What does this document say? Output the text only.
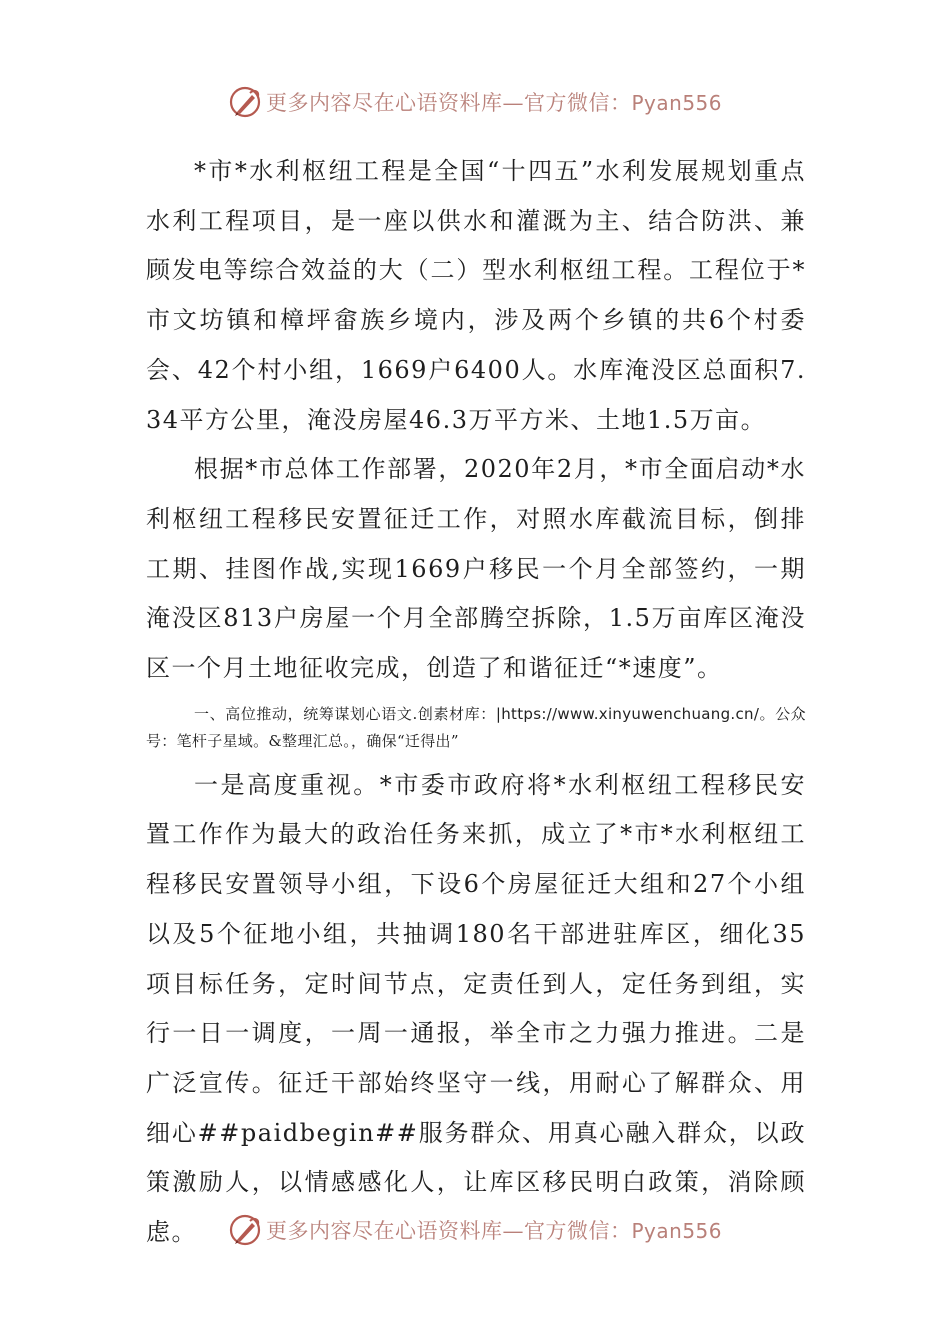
更多内容尽在心语资料库—官方微信：Pyan556

*市*水利枢纽工程是全国“十四五”水利发展规划重点水利工程项目，是一座以供水和灌溉为主、结合防洪、兼顾发电等综合效益的大（二）型水利枢纽工程。工程位于*市文坊镇和樟坪畲族乡境内，涉及两个乡镇的共6个村委会、42个村小组，1669户6400人。水库淹没区总面积7.34平方公里，淹没房屋46.3万平方米、土地1.5万亩。

根据*市总体工作部署，2020年2月，*市全面启动*水利枢纽工程移民安置征迁工作，对照水库截流目标，倒排工期、挂图作战,实现1669户移民一个月全部签约，一期淹没区813户房屋一个月全部腾空拆除，1.5万亩库区淹没区一个月土地征收完成，创造了和谐征迁“*速度”。

一、高位推动，统筹谋划心语文.创素材库：|https://www.xinyuwenchuang.cn/。公众号：笔杆子星域。&整理汇总。，确保“迁得出”

一是高度重视。*市委市政府将*水利枢纽工程移民安置工作作为最大的政治任务来抓，成立了*市*水利枢纽工程移民安置领导小组，下设6个房屋征迁大组和27个小组以及5个征地小组，共抽调180名干部进驻库区，细化35项目标任务，定时间节点，定责任到人，定任务到组，实行一日一调度，一周一通报，举全市之力强力推进。二是广泛宣传。征迁干部始终坚守一线，用耐心了解群众、用细心##paidbegin##服务群众、用真心融入群众，以政策激励人，以情感感化人，让库区移民明白政策，消除顾虑。	更多内容尽在心语资料库—官方微信：Pyan556
